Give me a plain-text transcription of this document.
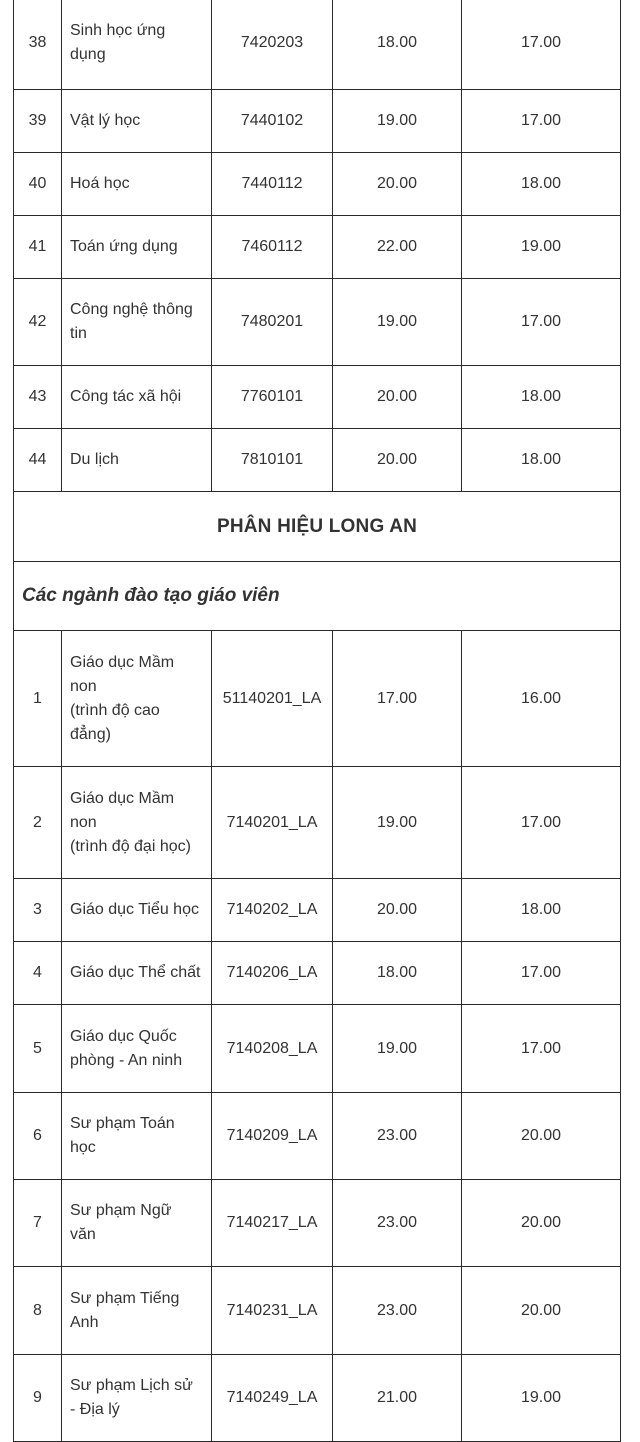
38	Sinh học ứng
dụng	7420203	18.00	17.00
39	Vật lý học	7440102	19.00	17.00
40	Hoá học	7440112	20.00	18.00
41	Toán ứng dụng	7460112	22.00	19.00
42	Công nghệ thông
tin	7480201	19.00	17.00
43	Công tác xã hội	7760101	20.00	18.00
44	Du lịch	7810101	20.00	18.00
PHÂN HIỆU LONG AN				
Các ngành đào tạo giáo viên				
1	Giáo dục Mầm
non
(trình độ cao
đẳng)	51140201_LA	17.00	16.00
2	Giáo dục Mầm
non
(trình độ đại học)	7140201_LA	19.00	17.00
3	Giáo dục Tiểu học	7140202_LA	20.00	18.00
4	Giáo dục Thể chất	7140206_LA	18.00	17.00
5	Giáo dục Quốc
phòng - An ninh	7140208_LA	19.00	17.00
6	Sư phạm Toán
học	7140209_LA	23.00	20.00
7	Sư phạm Ngữ
văn	7140217_LA	23.00	20.00
8	Sư phạm Tiếng
Anh	7140231_LA	23.00	20.00
9	Sư phạm Lịch sử
- Địa lý	7140249_LA	21.00	19.00
